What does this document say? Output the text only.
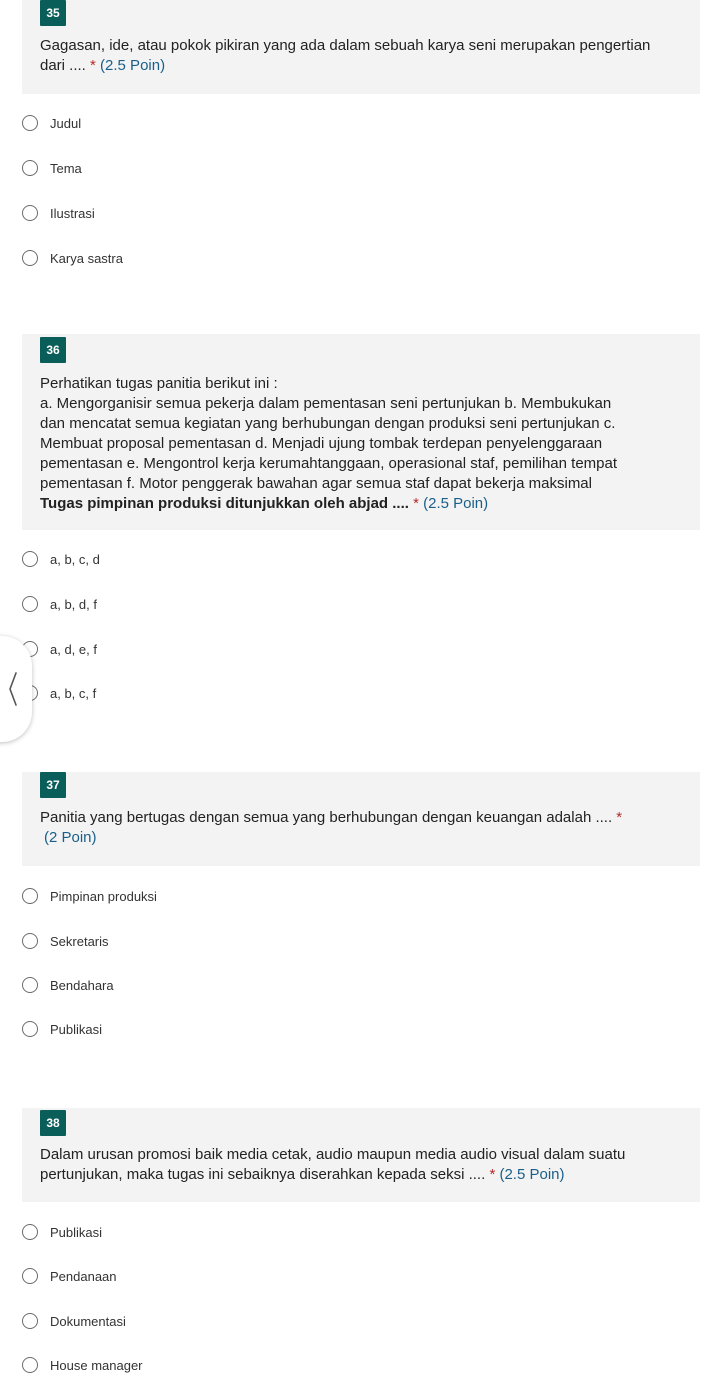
35
Gagasan, ide, atau pokok pikiran yang ada dalam sebuah karya seni merupakan pengertian
dari .... * (2.5 Poin)
Judul
Tema
Ilustrasi
Karya sastra
36
Perhatikan tugas panitia berikut ini :
a. Mengorganisir semua pekerja dalam pementasan seni pertunjukan b. Membukukan
dan mencatat semua kegiatan yang berhubungan dengan produksi seni pertunjukan c.
Membuat proposal pementasan d. Menjadi ujung tombak terdepan penyelenggaraan
pementasan e. Mengontrol kerja kerumahtanggaan, operasional staf, pemilihan tempat
pementasan f. Motor penggerak bawahan agar semua staf dapat bekerja maksimal
Tugas pimpinan produksi ditunjukkan oleh abjad .... * (2.5 Poin)
a, b, c, d
a, b, d, f
a, d, e, f
a, b, c, f
37
Panitia yang bertugas dengan semua yang berhubungan dengan keuangan adalah .... *
(2 Poin)
Pimpinan produksi
Sekretaris
Bendahara
Publikasi
38
Dalam urusan promosi baik media cetak, audio maupun media audio visual dalam suatu
pertunjukan, maka tugas ini sebaiknya diserahkan kepada seksi .... * (2.5 Poin)
Publikasi
Pendanaan
Dokumentasi
House manager
